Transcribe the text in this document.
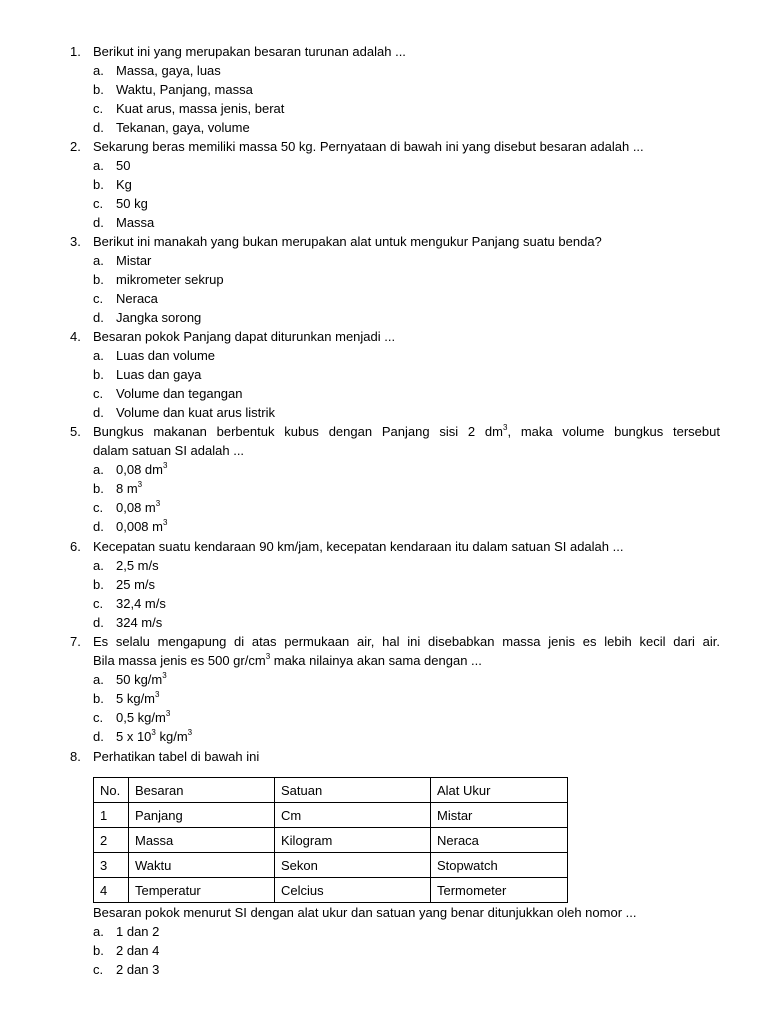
1. Berikut ini yang merupakan besaran turunan adalah ...
a. Massa, gaya, luas
b. Waktu, Panjang, massa
c. Kuat arus, massa jenis, berat
d. Tekanan, gaya, volume
2. Sekarung beras memiliki massa 50 kg. Pernyataan di bawah ini yang disebut besaran adalah ...
a. 50
b. Kg
c. 50 kg
d. Massa
3. Berikut ini manakah yang bukan merupakan alat untuk mengukur Panjang suatu benda?
a. Mistar
b. mikrometer sekrup
c. Neraca
d. Jangka sorong
4. Besaran pokok Panjang dapat diturunkan menjadi ...
a. Luas dan volume
b. Luas dan gaya
c. Volume dan tegangan
d. Volume dan kuat arus listrik
5. Bungkus makanan berbentuk kubus dengan Panjang sisi 2 $dm^3$, maka volume bungkus tersebut
dalam satuan SI adalah ...
a. 0,08 $dm^3$
b. 8 $m^3$
c. 0,08 $m^3$
d. 0,008 $m^3$
6. Kecepatan suatu kendaraan 90 km/jam, kecepatan kendaraan itu dalam satuan SI adalah ...
a. 2,5 m/s
b. 25 m/s
c. 32,4 m/s
d. 324 m/s
7. Es selalu mengapung di atas permukaan air, hal ini disebabkan massa jenis es lebih kecil dari air.
Bila massa jenis es 500 $gr/cm^3$ maka nilainya akan sama dengan ...
a. 50 $kg/m^3$
b. 5 $kg/m^3$
c. 0,5 $kg/m^3$
d. 5 x $10^3$ $kg/m^3$
8. Perhatikan tabel di bawah ini
No.	Besaran	Satuan	Alat Ukur
1	Panjang	Cm	Mistar
2	Massa	Kilogram	Neraca
3	Waktu	Sekon	Stopwatch
4	Temperatur	Celcius	Termometer
Besaran pokok menurut SI dengan alat ukur dan satuan yang benar ditunjukkan oleh nomor ...
a. 1 dan 2
b. 2 dan 4
c. 2 dan 3
